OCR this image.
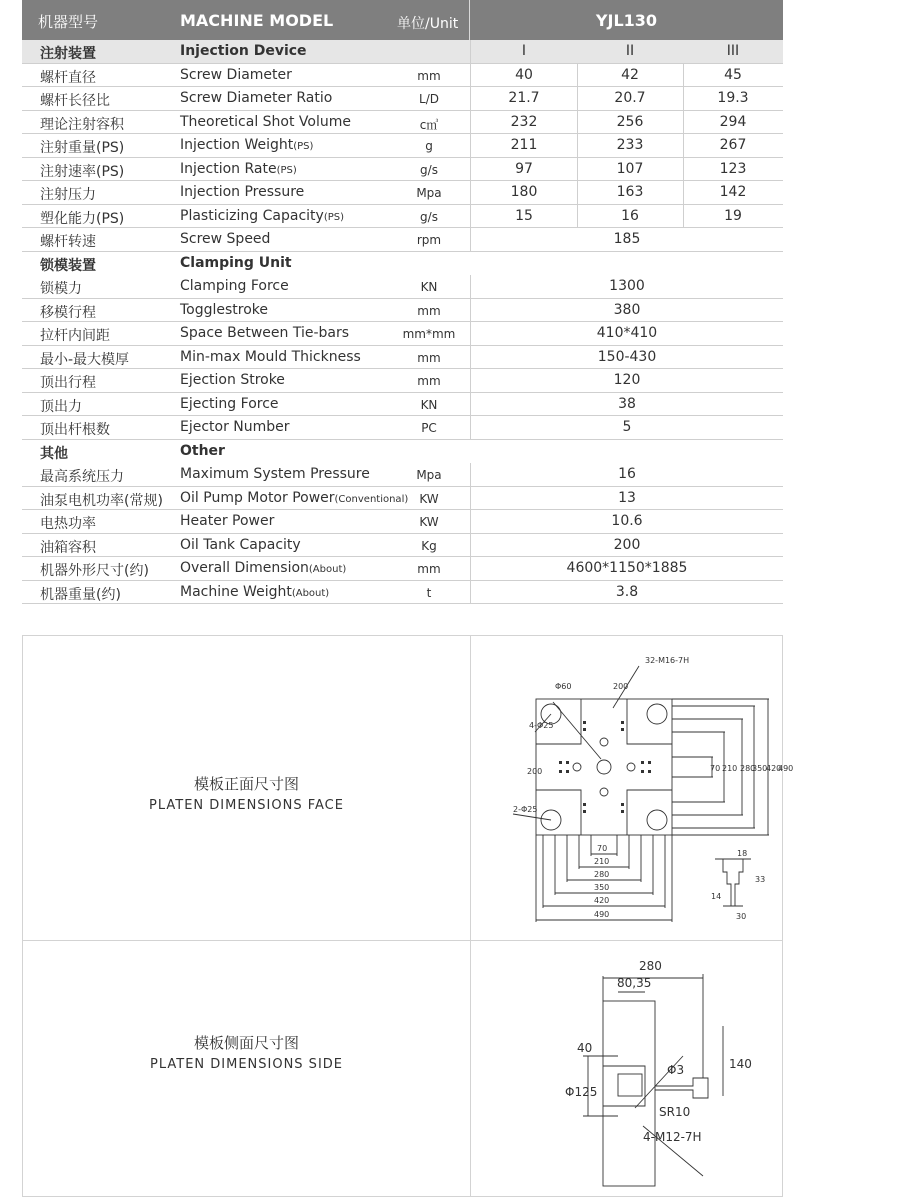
机器型号	MACHINE MODEL	单位/Unit	YJL130
注射装置	Injection Device	I	II	III
螺杆直径	Screw Diameter	mm	40	42	45
螺杆长径比	Screw Diameter Ratio	L/D	21.7	20.7	19.3
理论注射容积	Theoretical Shot Volume	c㎥	232	256	294
注射重量(PS)	Injection Weight(PS)	g	211	233	267
注射速率(PS)	Injection Rate(PS)	g/s	97	107	123
注射压力	Injection Pressure	Mpa	180	163	142
塑化能力(PS)	Plasticizing Capacity(PS)	g/s	15	16	19
螺杆转速	Screw Speed	rpm	185
锁模装置	Clamping Unit
锁模力	Clamping Force	KN	1300
移模行程	Togglestroke	mm	380
拉杆内间距	Space Between Tie-bars	mm*mm	410*410
最小-最大模厚	Min-max Mould Thickness	mm	150-430
顶出行程	Ejection Stroke	mm	120
顶出力	Ejecting Force	KN	38
顶出杆根数	Ejector Number	PC	5
其他	Other
最高系统压力	Maximum System Pressure	Mpa	16
油泵电机功率(常规) Oil Pump Motor Power(Conventional) KW	13
电热功率	Heater Power	KW	10.6
油箱容积	Oil Tank Capacity	Kg	200
机器外形尺寸(约) Overall Dimension(About)	mm	4600*1150*1885
机器重量(约)	Machine Weight(About)	t	3.8
模板正面尺寸图
PLATEN DIMENSIONS FACE
模板侧面尺寸图
PLATEN DIMENSIONS SIDE
32-M16-7H
Φ60	200
4-Φ25
200
2-Φ25
70
210
280
350
420
490
70 210 280
350
420
490
18
33
14
30
280
80,35
40
Φ125
Φ3	140
SR10
4-M12-7H
